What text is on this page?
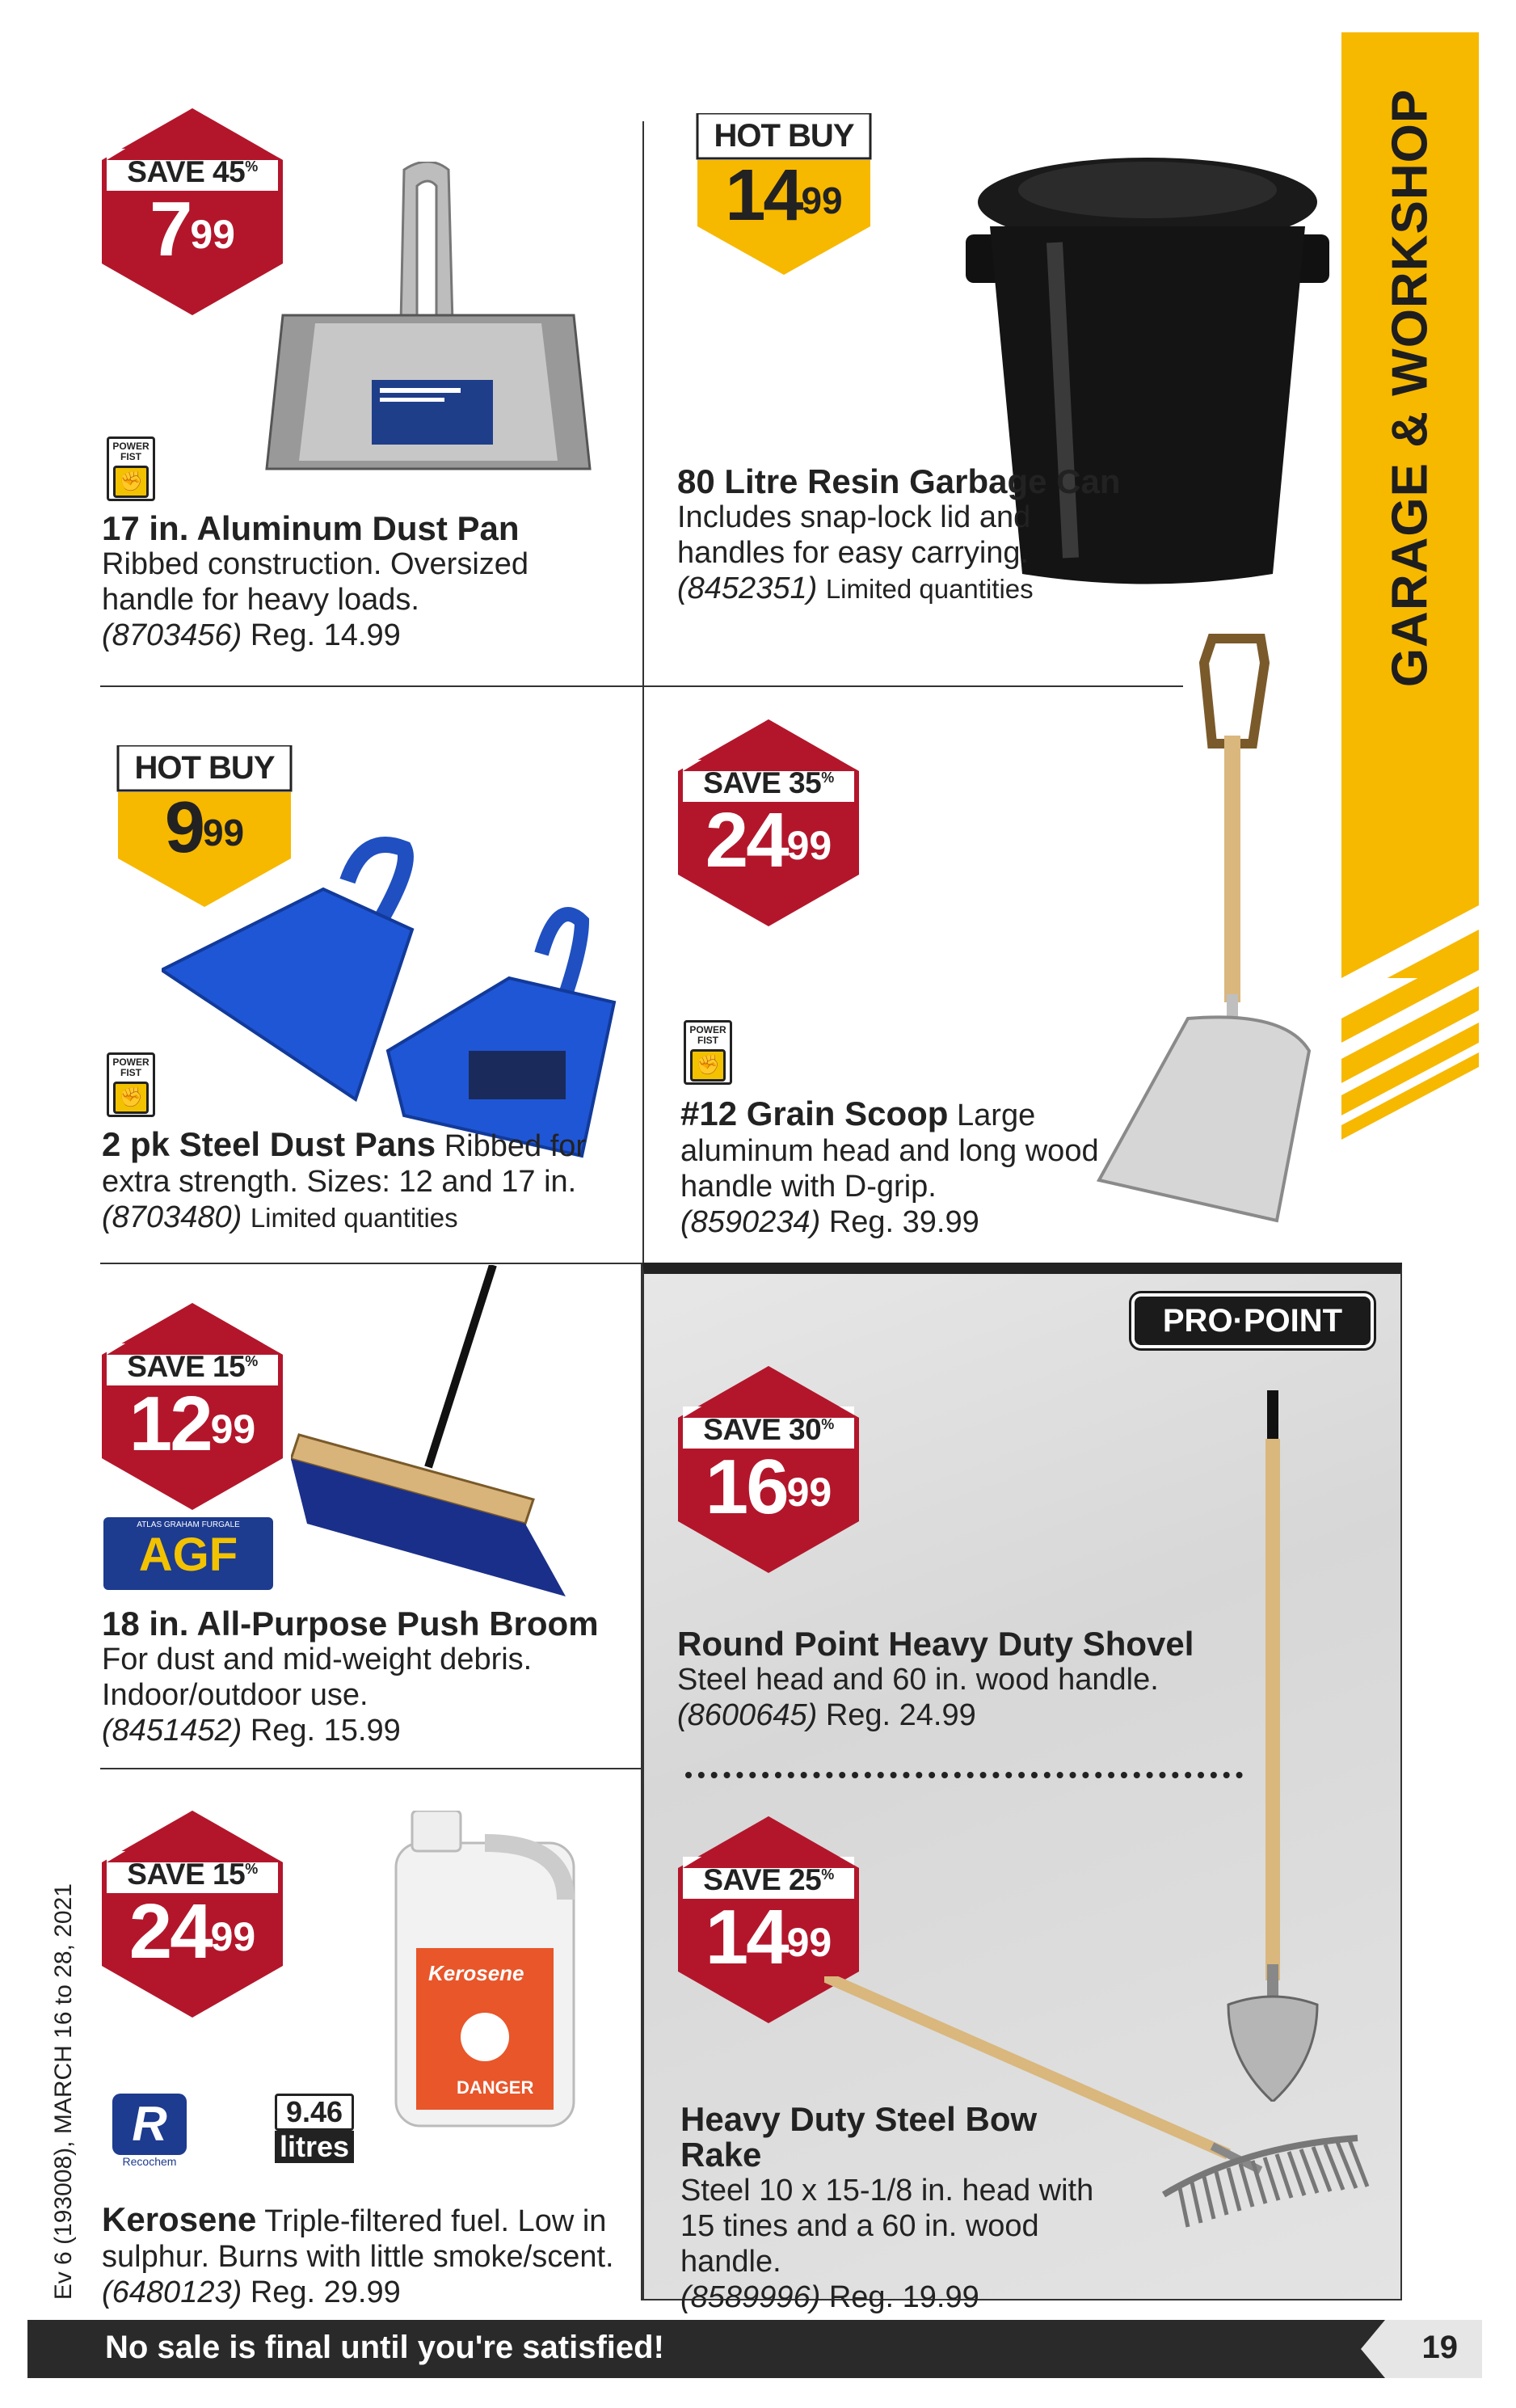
GARAGE & WORKSHOP
SAVE 45%
$7^{99}$
POWER FIST
✊
17 in. Aluminum Dust Pan
Ribbed construction. Oversized handle for heavy loads.
(8703456) Reg. 14.99
HOT BUY
$14^{99}$
80 Litre Resin Garbage Can
Includes snap-lock lid and handles for easy carrying.
(8452351) Limited quantities
HOT BUY
$9^{99}$
POWER FIST
✊
2 pk Steel Dust Pans Ribbed for extra strength. Sizes: 12 and 17 in.
(8703480) Limited quantities
SAVE 35%
$24^{99}$
POWER FIST
✊
#12 Grain Scoop Large aluminum head and long wood handle with D-grip.
(8590234) Reg. 39.99
SAVE 15%
$12^{99}$
ATLAS GRAHAM FURGALE
AGF
18 in. All-Purpose Push Broom
For dust and mid-weight debris. Indoor/outdoor use.
(8451452) Reg. 15.99
SAVE 15%
$24^{99}$
Kerosene
DANGER
R
Recochem
9.46
litres
Kerosene Triple-filtered fuel. Low in sulphur. Burns with little smoke/scent. (6480123) Reg. 29.99
PRO·POINT
SAVE 30%
$16^{99}$
Round Point Heavy Duty Shovel
Steel head and 60 in. wood handle.
(8600645) Reg. 24.99
SAVE 25%
$14^{99}$
Heavy Duty Steel Bow Rake
Steel 10 x 15-1/8 in. head with 15 tines and a 60 in. wood handle.
(8589996) Reg. 19.99
Ev 6 (193008), MARCH 16 to 28, 2021
No sale is final until you're satisfied!	19
